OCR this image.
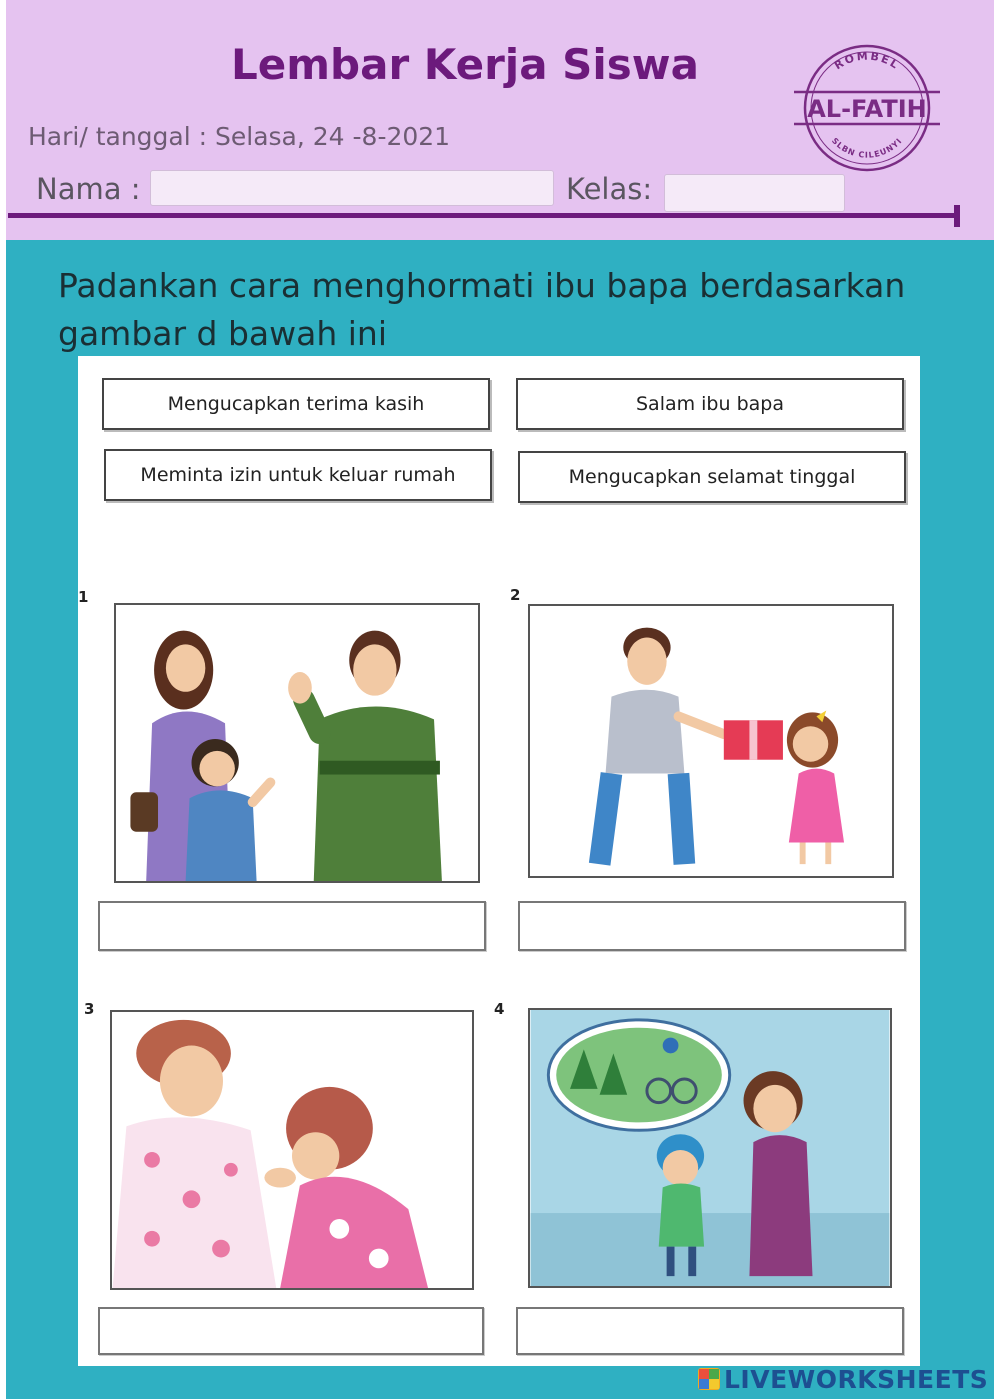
Lembar Kerja Siswa
Hari/ tanggal : Selasa, 24 -8-2021
Nama :	Kelas:
ROMBEL
AL-FATIH
SLBN CILEUNYI
Padankan cara menghormati ibu bapa berdasarkan gambar d bawah ini
Mengucapkan terima kasih	Salam ibu bapa
Meminta izin untuk keluar rumah	Mengucapkan selamat tinggal
1	2
3	4
LIVEWORKSHEETS
